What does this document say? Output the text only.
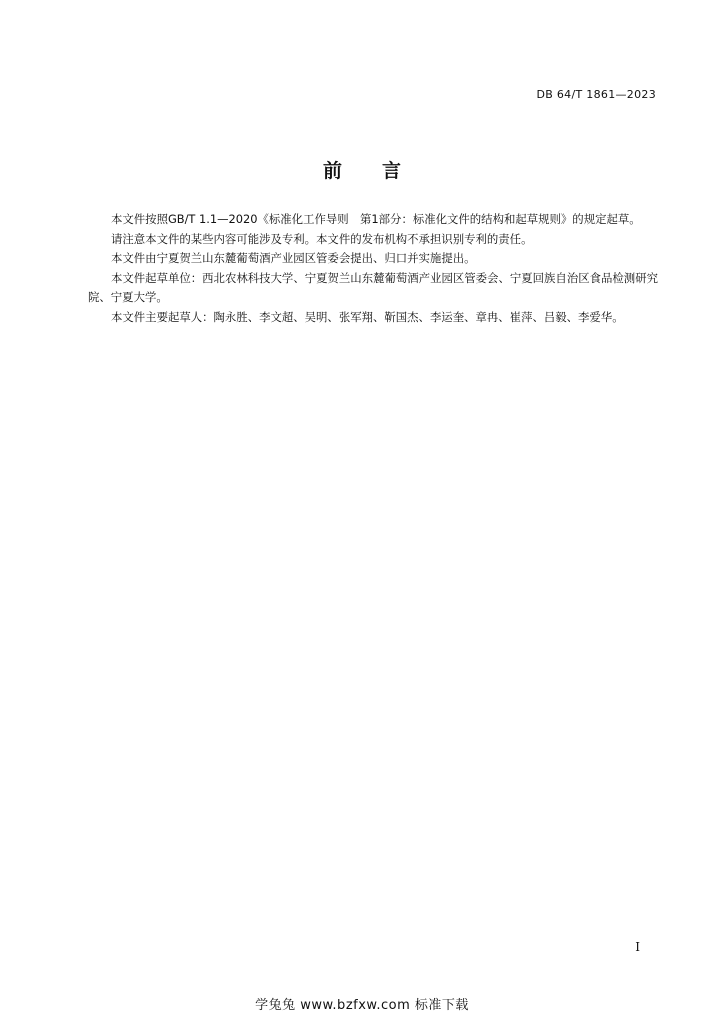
DB 64/T 1861—2023
前言

本文件按照GB/T 1.1—2020《标准化工作导则　第1部分：标准化文件的结构和起草规则》的规定起草。

请注意本文件的某些内容可能涉及专利。本文件的发布机构不承担识别专利的责任。

本文件由宁夏贺兰山东麓葡萄酒产业园区管委会提出、归口并实施提出。

本文件起草单位：西北农林科技大学、宁夏贺兰山东麓葡萄酒产业园区管委会、宁夏回族自治区食品检测研究院、宁夏大学。

本文件主要起草人：陶永胜、李文超、吴明、张军翔、靳国杰、李运奎、章冉、崔萍、吕毅、李爱华。

I
学兔兔 www.bzfxw.com 标准下载
